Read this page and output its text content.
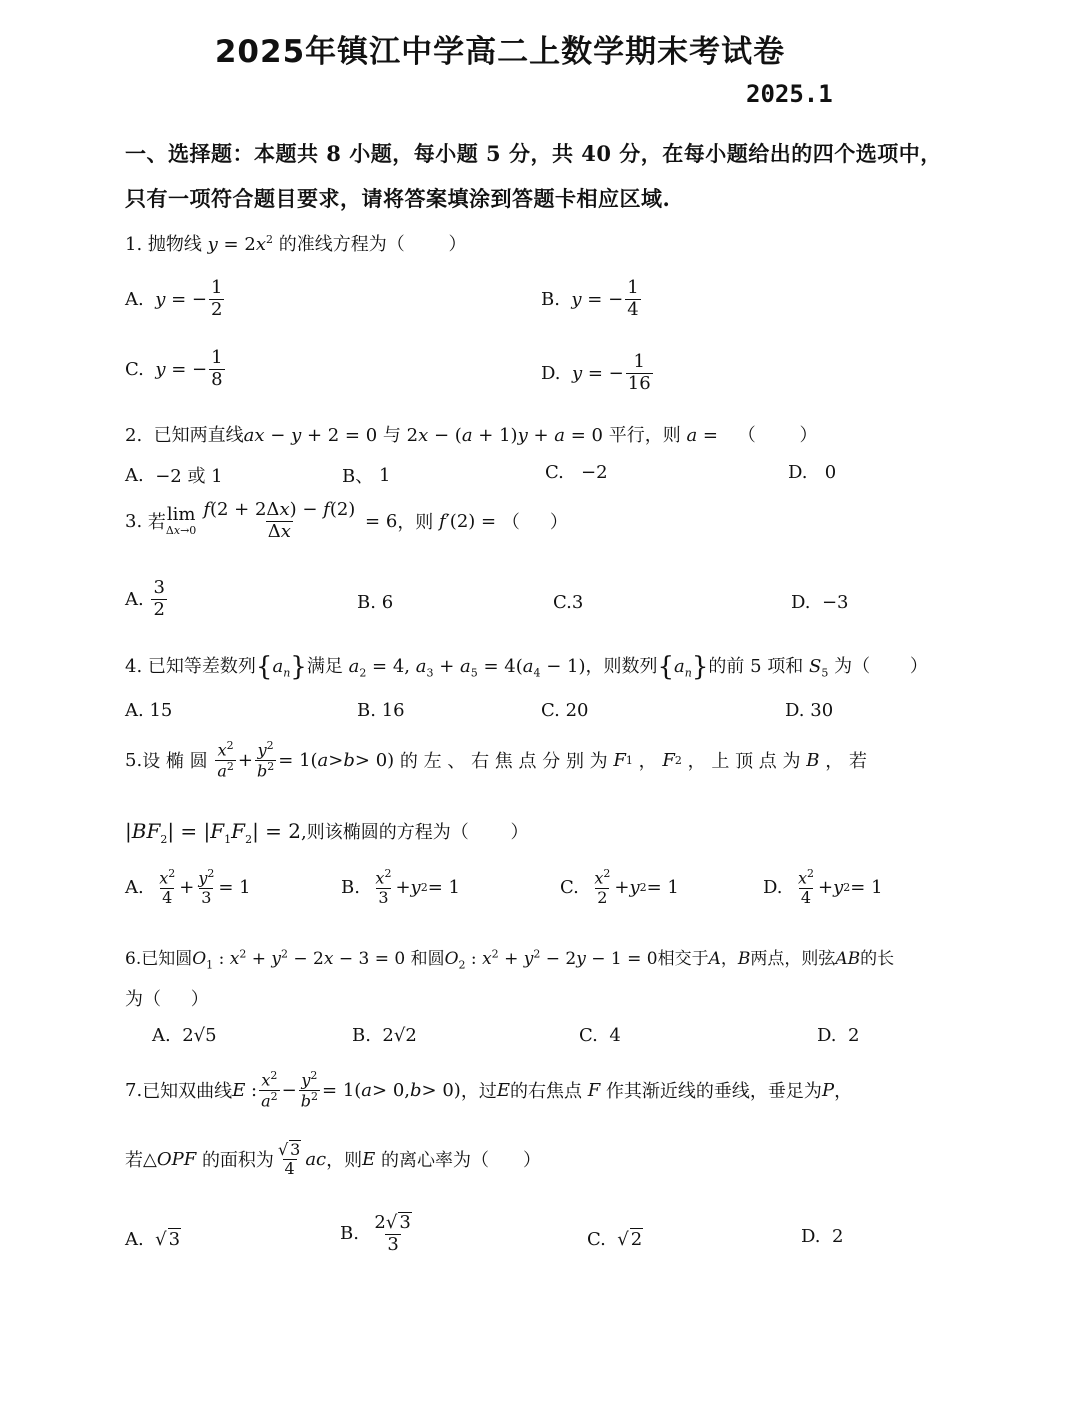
2025年镇江中学高二上数学期末考试卷
2025.1
一、选择题：本题共 8 小题，每小题 5 分，共 40 分，在每小题给出的四个选项中，
只有一项符合题目要求，请将答案填涂到答题卡相应区域.
1. 抛物线 $y = 2x^2$ 的准线方程为（ ）
A.
y = − $\frac{1}{2}$	B.
y = − $\frac{1}{4}$
C.
y = − $\frac{1}{8}$	D.
y = − $\frac{1}{16}$
2. 已知两直线ax − y + 2 = 0 与 2x − (a + 1)y + a = 0 平行，则 a = （ ）
A.
−2 或 1	B、
1	C.
−2	D.
0
3.
若 lim
$\Delta x\to 0 \frac{f(2 + 2\Delta x) - f(2)}{\Delta x} = 6$ ，则
f ′(2) = （ ）
A.
$\frac{3}{2}$	B.
6	C. 3	D.
−3
4. 已知等差数列$\{a_n\}$满足 $a_2 = 4$, $a_3 + a_5 = 4(a_4 - 1)$，则数列$\{a_n\}$的前 5 项和 $S_5$ 为（ ）
A.
15	B.
16	C.
20	D.
30
5. 设 椭 圆
$\frac{x^2}{a^2} + \frac{y^2}{b^2} = 1$( a > b > 0) 的 左 、 右 焦 点 分 别 为
F 1
，
F 2
， 上 顶 点 为
B
， 若
$|BF_2| = |F_1F_2| = 2$,则该椭圆的方程为（ ）
A.
$\frac{x^2}{4} + \frac{y^2}{3} = 1$	B.
$\frac{x^2}{3} + y$ 2 = 1	C.
$\frac{x^2}{2} + y$ 2 = 1	D.
$\frac{x^2}{4} + y$ 2 = 1
6.已知圆$O_1$ : $x^2 + y^2 - 2x - 3 = 0$ 和圆$O_2$ : $x^2 + y^2 - 2y - 1 = 0$相交于A，B两点，则弦AB的长
为（ ）
A.
2√5	B.
2√2	C.
4	D.
2
7. 已知双曲线 E : $\frac{x^2}{a^2} - \frac{y^2}{b^2} = 1$( a > 0, b > 0) ，过 E 的右焦点
F
作其渐近线的垂线，垂足为 P ，
若 △ OPF
的面积为 $\frac{√ 3}{4}$ ac ，则 E
的离心率为（ ）
A. √ 3	B.
$\frac{2√ 3}{3}$	C. √ 2	D.
2
